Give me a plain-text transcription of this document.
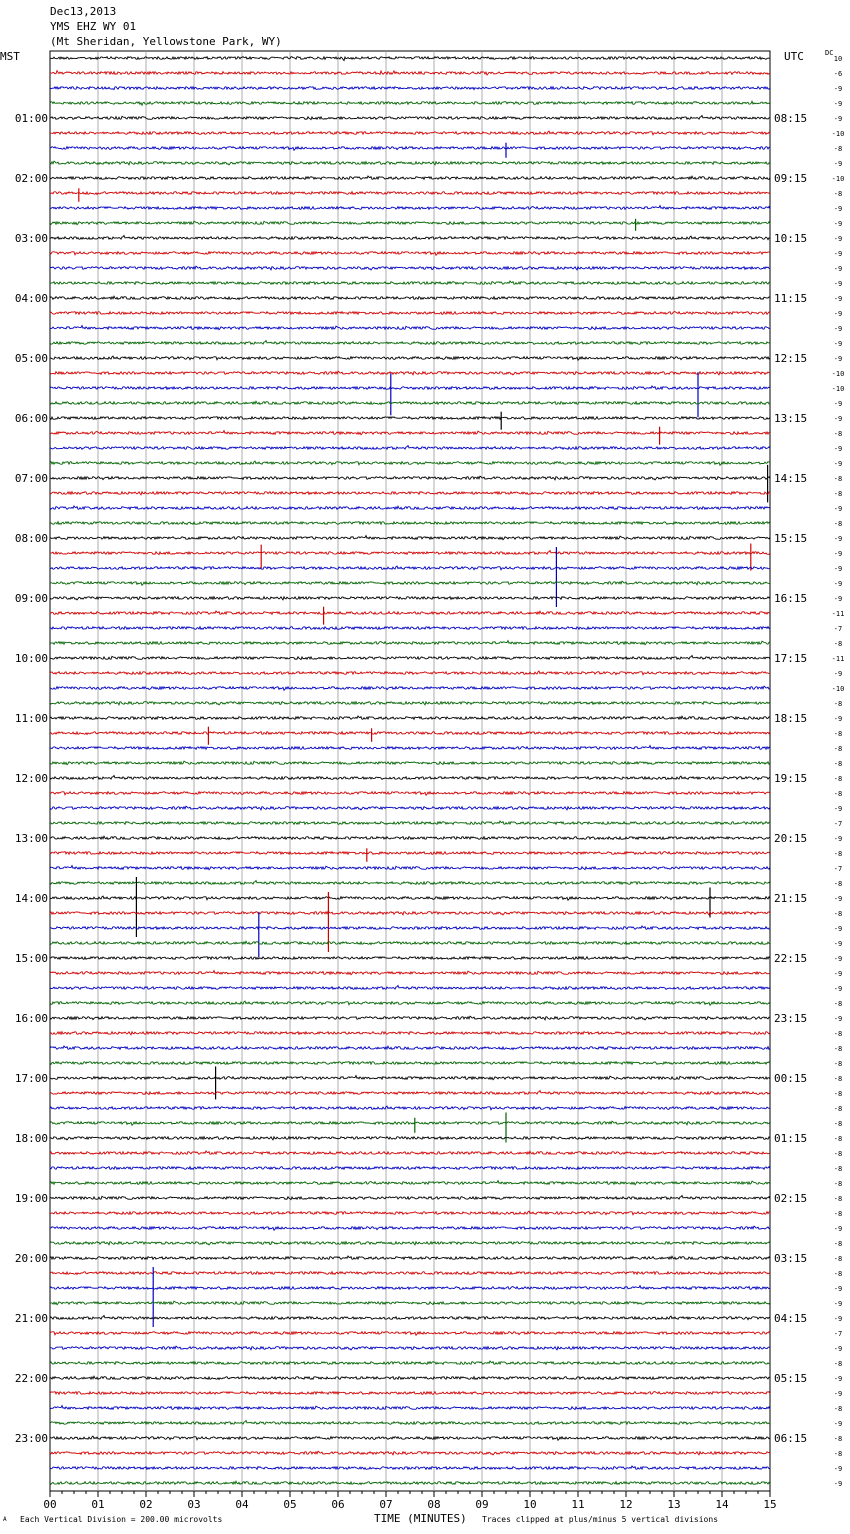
10
-6
-9
-9
-9
-10
-8
-9
-10
-8
-9
-9
-9
-9
-9
-9
-9
-9
-9
-9
-9
-10
-10
-9
-9
-8
-9
-9
-8
-8
-9
-8
-9
-9
-9
-9
-9
-11
-7
-8
-11
-9
-10
-8
-9
-8
-8
-8
-8
-8
-9
-7
-9
-8
-7
-8
-9
-8
-9
-9
-9
-9
-9
-8
-9
-8
-8
-8
-8
-8
-8
-8
-8
-8
-8
-8
-8
-8
-9
-8
-8
-8
-9
-9
-9
-7
-9
-8
-9
-9
-8
-9
-8
-8
-9
-9
01:00
02:00
03:00
04:00
05:00
06:00
07:00
08:00
09:00
10:00
11:00
12:00
13:00
14:00
15:00
16:00
17:00
18:00
19:00
20:00
21:00
22:00
23:00
08:15
09:15
10:15
11:15
12:15
13:15
14:15
15:15
16:15
17:15
18:15
19:15
20:15
21:15
22:15
23:15
00:15
01:15
02:15
03:15
04:15
05:15
06:15
00	01	02	03	04	05	06	07	08	09	10	11	12	13	14	15
Dec13,2013
YMS EHZ WY 01
(Mt Sheridan, Yellowstone Park, WY)
MST	UTC	DC
A Each Vertical Division = 200.00 microvolts	TIME (MINUTES) Traces clipped at plus/minus 5 vertical divisions
